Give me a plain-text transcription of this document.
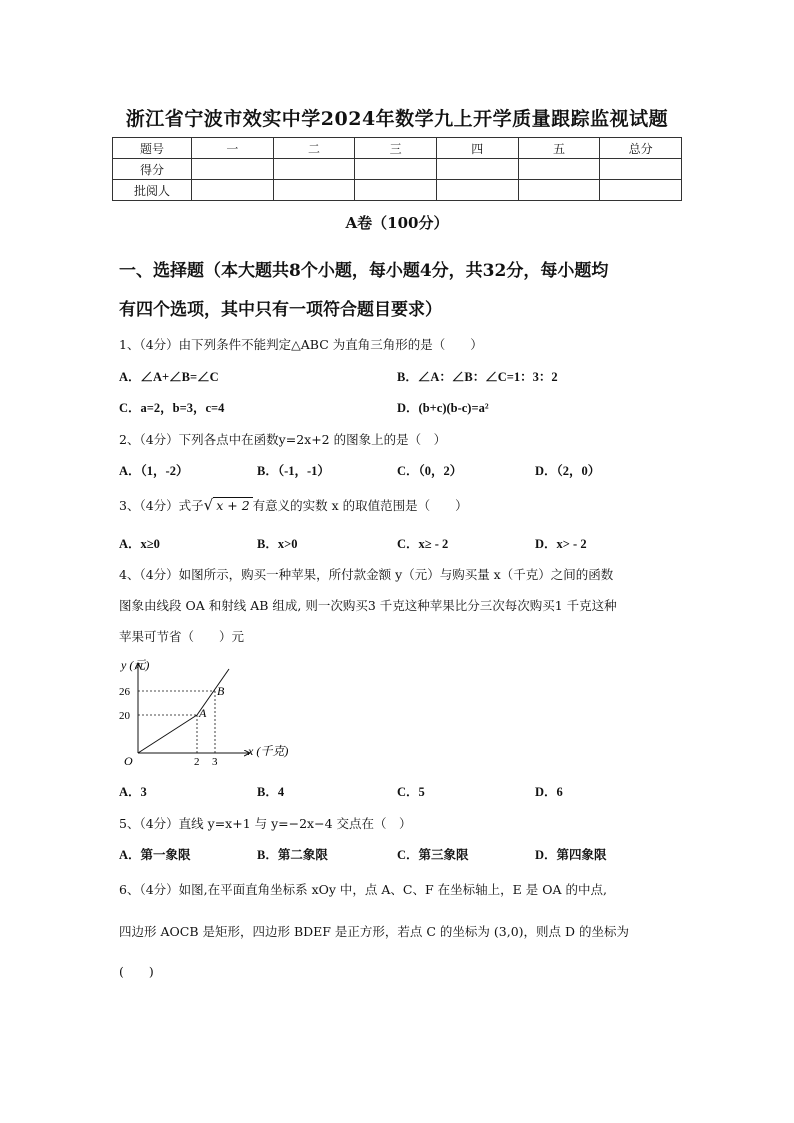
浙江省宁波市效实中学2024年数学九上开学质量跟踪监视试题
题号	一	二	三	四	五	总分
得分						
批阅人						
A卷（100分）
一、选择题（本大题共8个小题，每小题4分，共32分，每小题均
有四个选项，其中只有一项符合题目要求）
1、（4分）由下列条件不能判定△ABC 为直角三角形的是（　　）
A．∠A+∠B=∠C	B．∠A：∠B：∠C=1：3：2
C．a=2，b=3，c=4	D．(b+c)(b-c)=a²
2、（4分）下列各点中在函数y=2x+2 的图象上的是（　）
A．（1，-2）	B．（-1，-1）	C．（0，2）	D．（2，0）
3、（4分）式子√ x + 2 有意义的实数 x 的取值范围是（　　）
A．x≥0	B．x>0	C．x≥ - 2	D．x> - 2
4、（4分）如图所示，购买一种苹果，所付款金额 y（元）与购买量 x（千克）之间的函数
图象由线段 OA 和射线 AB 组成, 则一次购买3 千克这种苹果比分三次每次购买1 千克这种
苹果可节省（　　）元
y (元)
x (千克)
O
26
20
2 3
A
B
A．3	B．4	C．5	D．6
5、（4分）直线 y=x+1 与 y=−2x−4 交点在（　）
A．第一象限	B．第二象限	C．第三象限	D．第四象限
6、（4分）如图,在平面直角坐标系 xOy 中，点 A、C、F 在坐标轴上，E 是 OA 的中点,
四边形 AOCB 是矩形，四边形 BDEF 是正方形，若点 C 的坐标为 (3,0)，则点 D 的坐标为
(　　)
